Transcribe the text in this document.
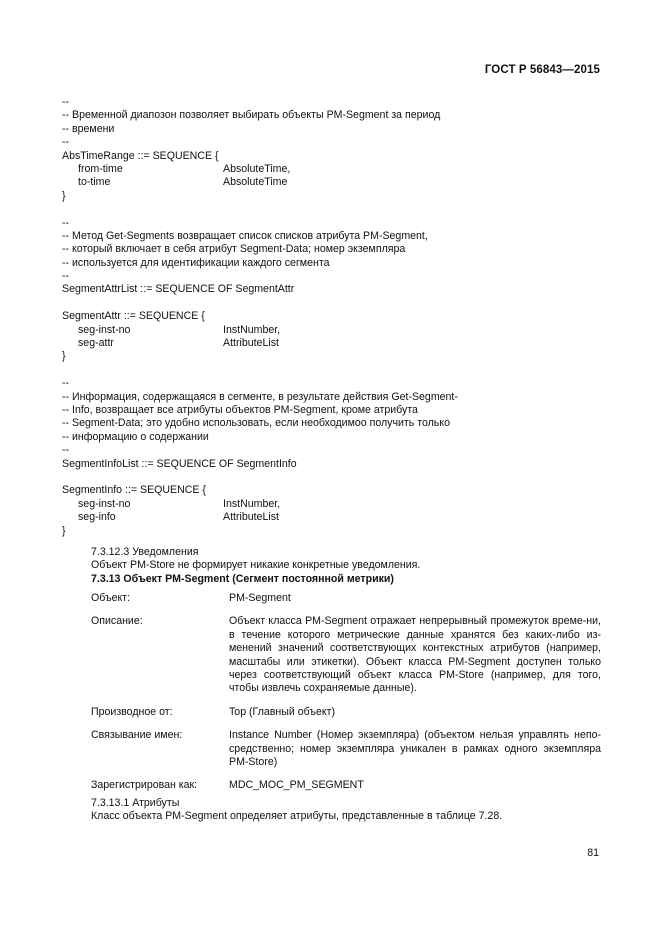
ГОСТ Р 56843—2015
--
-- Временной диапозон позволяет выбирать объекты PM-Segment за период
-- времени
--
AbsTimeRange ::= SEQUENCE {
from-time	AbsoluteTime,
to-time	AbsoluteTime
}
--
-- Метод Get-Segments возвращает список списков атрибута PM-Segment,
-- который включает в себя атрибут Segment-Data; номер экземпляра
-- используется для идентификации каждого сегмента
--
SegmentAttrList ::= SEQUENCE OF SegmentAttr
SegmentAttr ::= SEQUENCE {
seg-inst-no	InstNumber,
seg-attr	AttributeList
}
--
-- Информация, содержащаяся в сегменте, в результате действия Get-Segment-
-- Info, возвращает все атрибуты объектов PM-Segment, кроме атрибута
-- Segment-Data; это удобно использовать, если необходимоо получить только
-- информацию о содержании
--
SegmentInfoList ::= SEQUENCE OF SegmentInfo
SegmentInfo ::= SEQUENCE {
seg-inst-no	InstNumber,
seg-info	AttributeList
}
7.3.12.3 Уведомления
Объект PM-Store не формирует никакие конкретные уведомления.
7.3.13 Объект PM-Segment (Сегмент постоянной метрики)
Объект:	PM-Segment
Описание:	Объект класса PM-Segment отражает непрерывный промежуток време-ни, в течение которого метрические данные хранятся без каких-либо из-менений значений соответствующих контекстных атрибутов (например, масштабы или этикетки). Объект класса PM-Segment доступен только через соответствующий объект класса PM-Store (например, для того, чтобы извлечь сохраняемые данные).
Производное от:	Top (Главный объект)
Связывание имен:	Instance Number (Номер экземпляра) (объектом нельзя управлять непо-средственно; номер экземпляра уникален в рамках одного экземпляра PM-Store)
Зарегистрирован как:	MDC_MOC_PM_SEGMENT
7.3.13.1 Атрибуты
Класс объекта PM-Segment определяет атрибуты, представленные в таблице 7.28.
81
